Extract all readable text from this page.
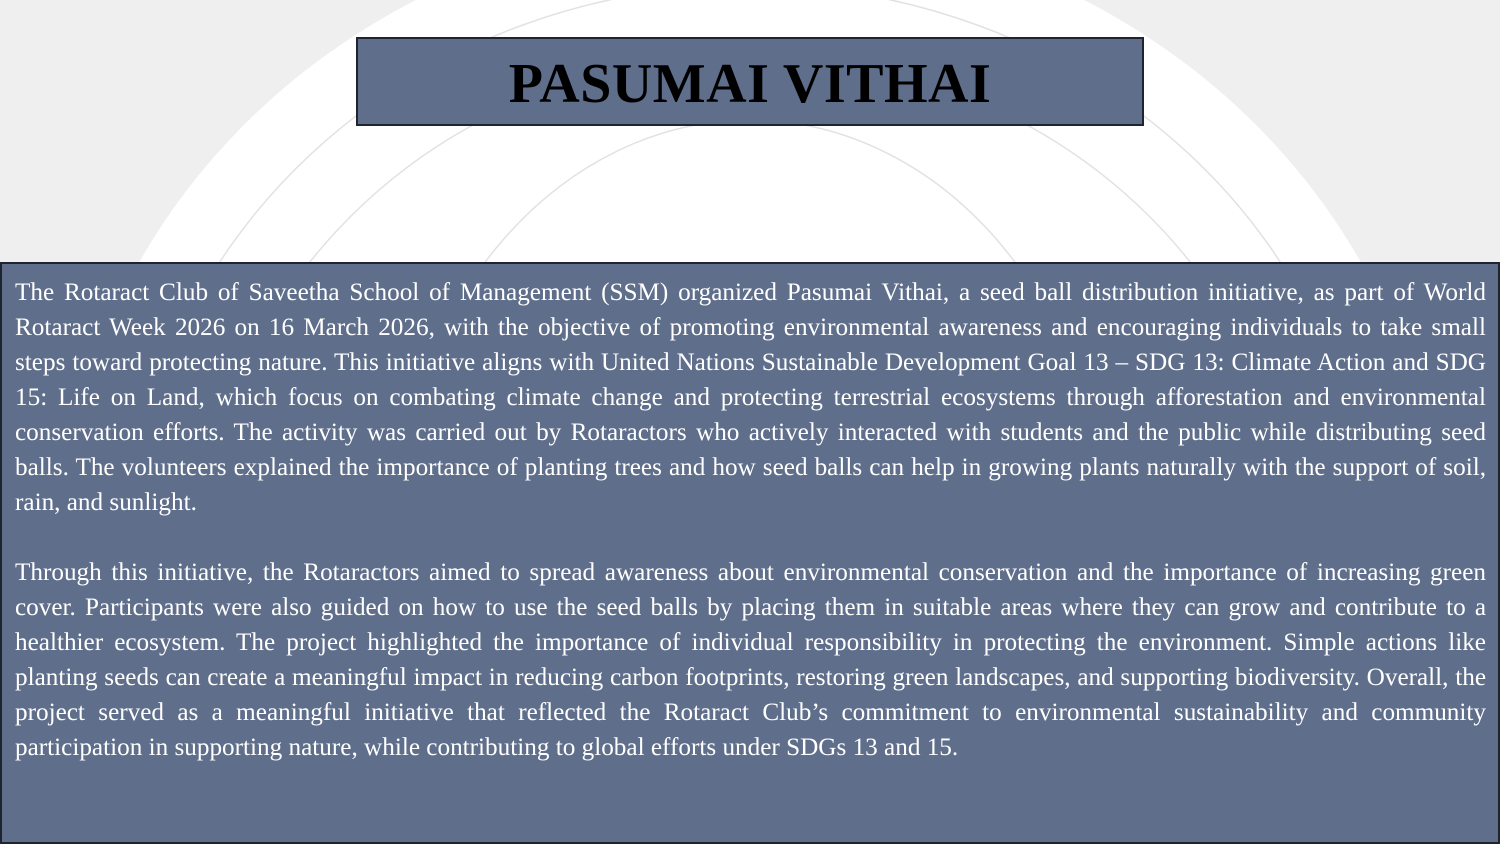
PASUMAI VITHAI

The Rotaract Club of Saveetha School of Management (SSM) organized Pasumai Vithai, a seed ball distribution initiative, as part of World Rotaract Week 2026 on 16 March 2026, with the objective of promoting environmental awareness and encouraging individuals to take small steps toward protecting nature. This initiative aligns with United Nations Sustainable Development Goal 13 – SDG 13: Climate Action and SDG 15: Life on Land, which focus on combating climate change and protecting terrestrial ecosystems through afforestation and environmental conservation efforts. The activity was carried out by Rotaractors who actively interacted with students and the public while distributing seed balls. The volunteers explained the importance of planting trees and how seed balls can help in growing plants naturally with the support of soil, rain, and sunlight.

Through this initiative, the Rotaractors aimed to spread awareness about environmental conservation and the importance of increasing green cover. Participants were also guided on how to use the seed balls by placing them in suitable areas where they can grow and contribute to a healthier ecosystem. The project highlighted the importance of individual responsibility in protecting the environment. Simple actions like planting seeds can create a meaningful impact in reducing carbon footprints, restoring green landscapes, and supporting biodiversity. Overall, the project served as a meaningful initiative that reflected the Rotaract Club’s commitment to environmental sustainability and community participation in supporting nature, while contributing to global efforts under SDGs 13 and 15.
